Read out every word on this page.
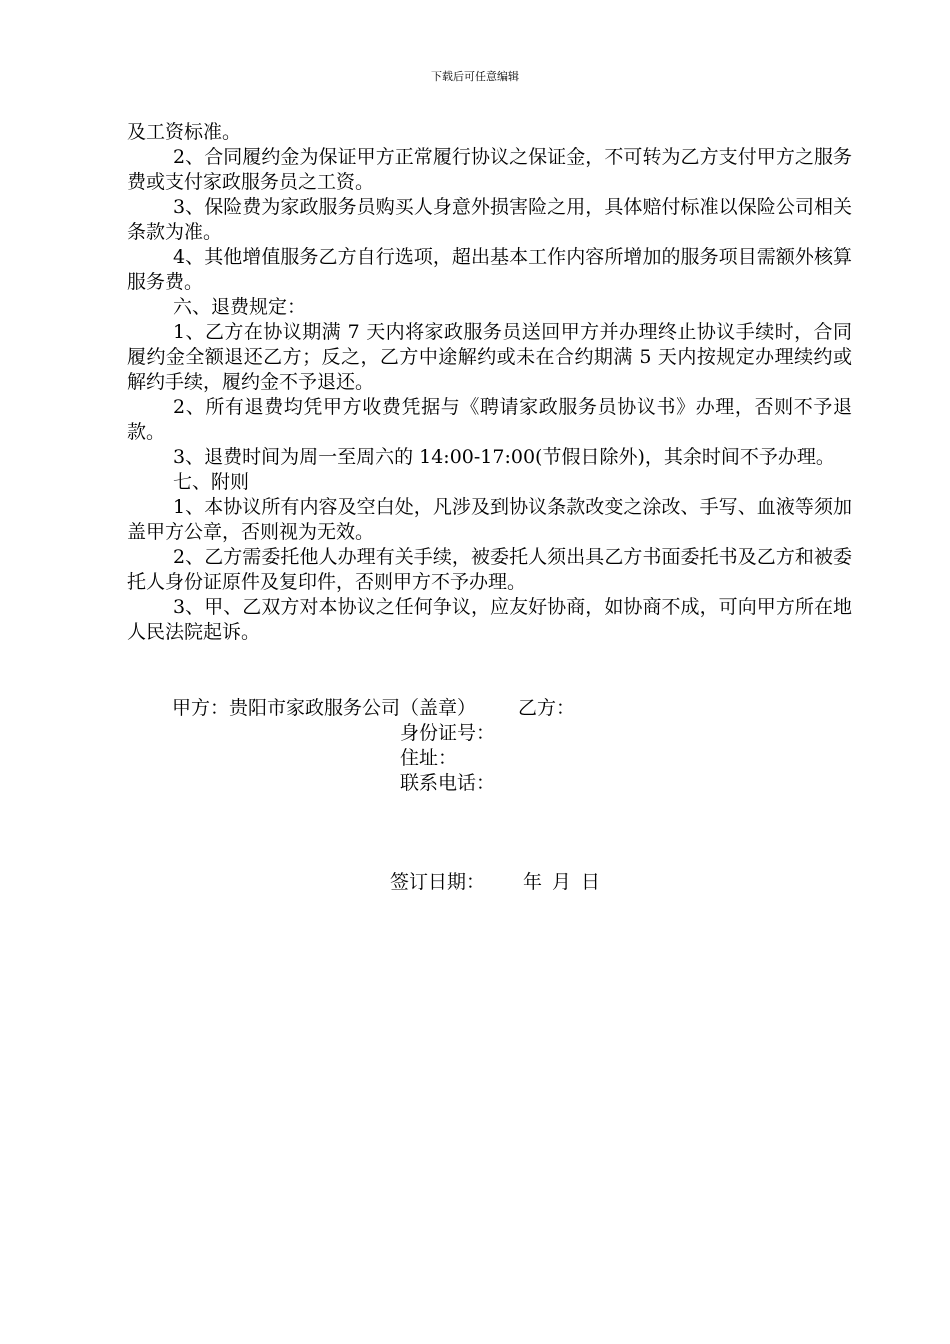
下载后可任意编辑

及工资标准。

2、合同履约金为保证甲方正常履行协议之保证金，不可转为乙方支付甲方之服务费或支付家政服务员之工资。

3、保险费为家政服务员购买人身意外损害险之用，具体赔付标准以保险公司相关条款为准。

4、其他增值服务乙方自行选项，超出基本工作内容所增加的服务项目需额外核算服务费。

六、退费规定：

1、乙方在协议期满 7 天内将家政服务员送回甲方并办理终止协议手续时，合同履约金全额退还乙方；反之，乙方中途解约或未在合约期满 5 天内按规定办理续约或解约手续，履约金不予退还。

2、所有退费均凭甲方收费凭据与《聘请家政服务员协议书》办理，否则不予退款。

3、退费时间为周一至周六的 14:00-17:00(节假日除外)，其余时间不予办理。

七、附则

1、本协议所有内容及空白处，凡涉及到协议条款改变之涂改、手写、血液等须加盖甲方公章，否则视为无效。

2、乙方需委托他人办理有关手续，被委托人须出具乙方书面委托书及乙方和被委托人身份证原件及复印件，否则甲方不予办理。

3、甲、乙双方对本协议之任何争议，应友好协商，如协商不成，可向甲方所在地人民法院起诉。

甲方：贵阳市家政服务公司（盖章） 乙方：
身份证号：
住址：
联系电话：
签订日期： 年 月 日
